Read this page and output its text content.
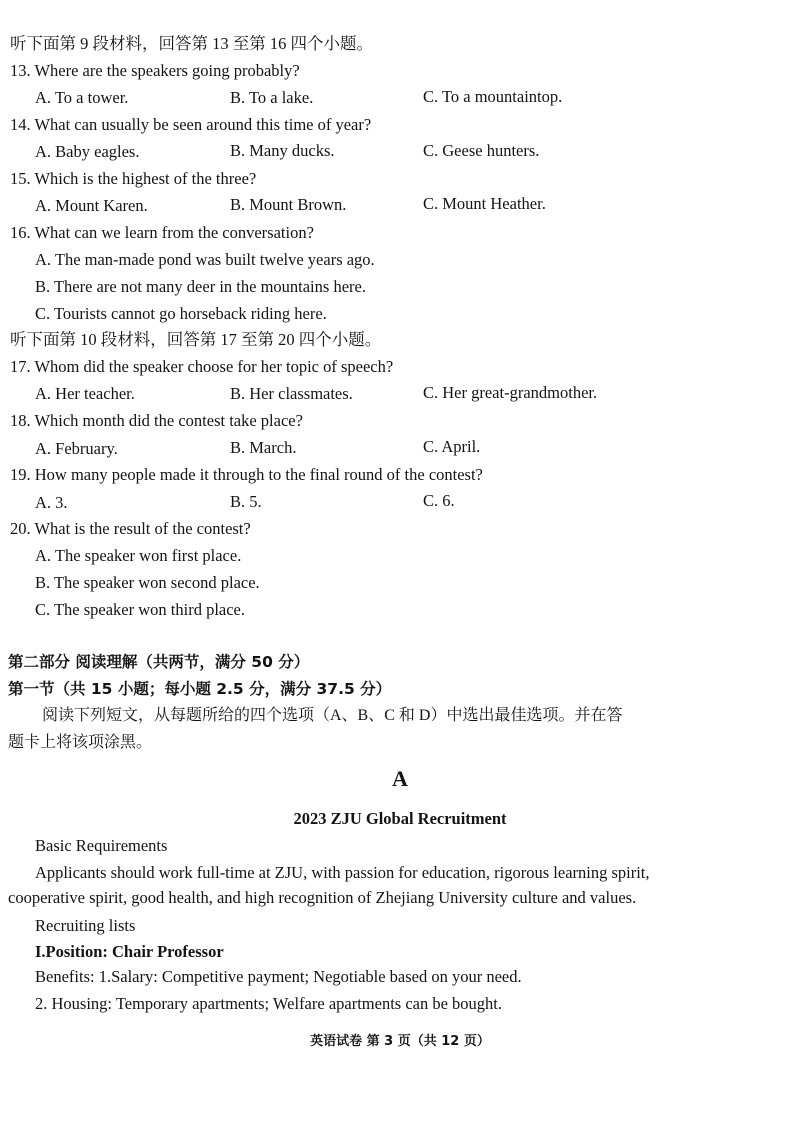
听下面第 9 段材料，回答第 13 至第 16 四个小题。
13. Where are the speakers going probably?
A. To a tower.	B. To a lake.	C. To a mountaintop.
14. What can usually be seen around this time of year?
A. Baby eagles.	B. Many ducks.	C. Geese hunters.
15. Which is the highest of the three?
A. Mount Karen.	B. Mount Brown.	C. Mount Heather.
16. What can we learn from the conversation?
A. The man-made pond was built twelve years ago.
B. There are not many deer in the mountains here.
C. Tourists cannot go horseback riding here.
听下面第 10 段材料，回答第 17 至第 20 四个小题。
17. Whom did the speaker choose for her topic of speech?
A. Her teacher.	B. Her classmates.	C. Her great-grandmother.
18. Which month did the contest take place?
A. February.	B. March.	C. April.
19. How many people made it through to the final round of the contest?
A. 3.	B. 5.	C. 6.
20. What is the result of the contest?
A. The speaker won first place.
B. The speaker won second place.
C. The speaker won third place.
第二部分 阅读理解（共两节，满分 50 分）
第一节（共 15 小题；每小题 2.5 分，满分 37.5 分）
阅读下列短文，从每题所给的四个选项（A、B、C 和 D）中选出最佳选项。并在答
题卡上将该项涂黑。
A
2023 ZJU Global Recruitment
Basic Requirements
Applicants should work full-time at ZJU, with passion for education, rigorous learning spirit,
cooperative spirit, good health, and high recognition of Zhejiang University culture and values.
Recruiting lists
I.Position: Chair Professor
Benefits: 1.Salary: Competitive payment; Negotiable based on your need.
2. Housing: Temporary apartments; Welfare apartments can be bought.
英语试卷 第 3 页（共 12 页）
